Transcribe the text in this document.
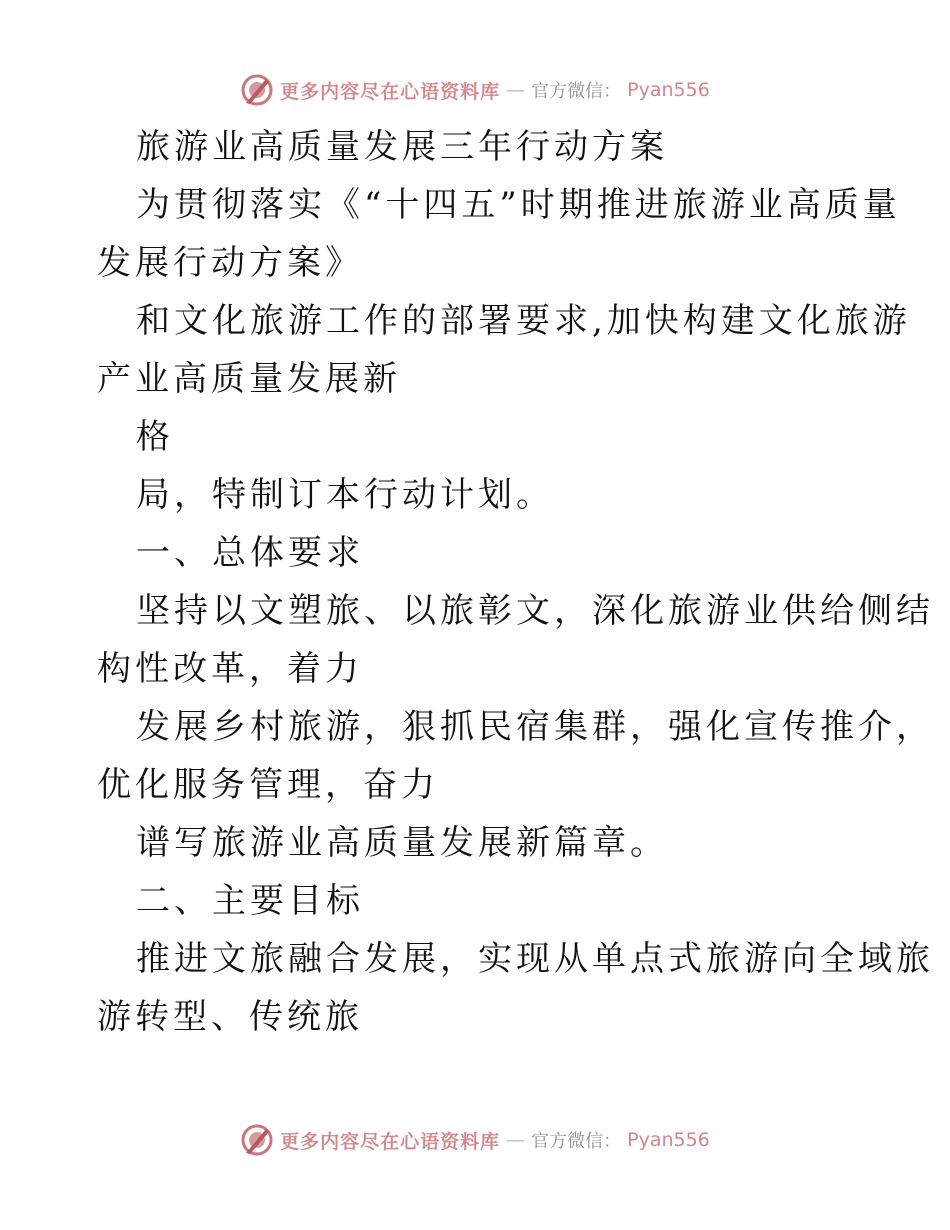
更多内容尽在心语资料库 — 官方微信： Pyan556
旅游业高质量发展三年行动方案
为贯彻落实《“十四五”时期推进旅游业高质量
发展行动方案》
和文化旅游工作的部署要求,加快构建文化旅游
产业高质量发展新
格
局，特制订本行动计划。
一、总体要求
坚持以文塑旅、以旅彰文，深化旅游业供给侧结
构性改革，着力
发展乡村旅游，狠抓民宿集群，强化宣传推介，
优化服务管理，奋力
谱写旅游业高质量发展新篇章。
二、主要目标
推进文旅融合发展，实现从单点式旅游向全域旅
游转型、传统旅
更多内容尽在心语资料库 — 官方微信： Pyan556
